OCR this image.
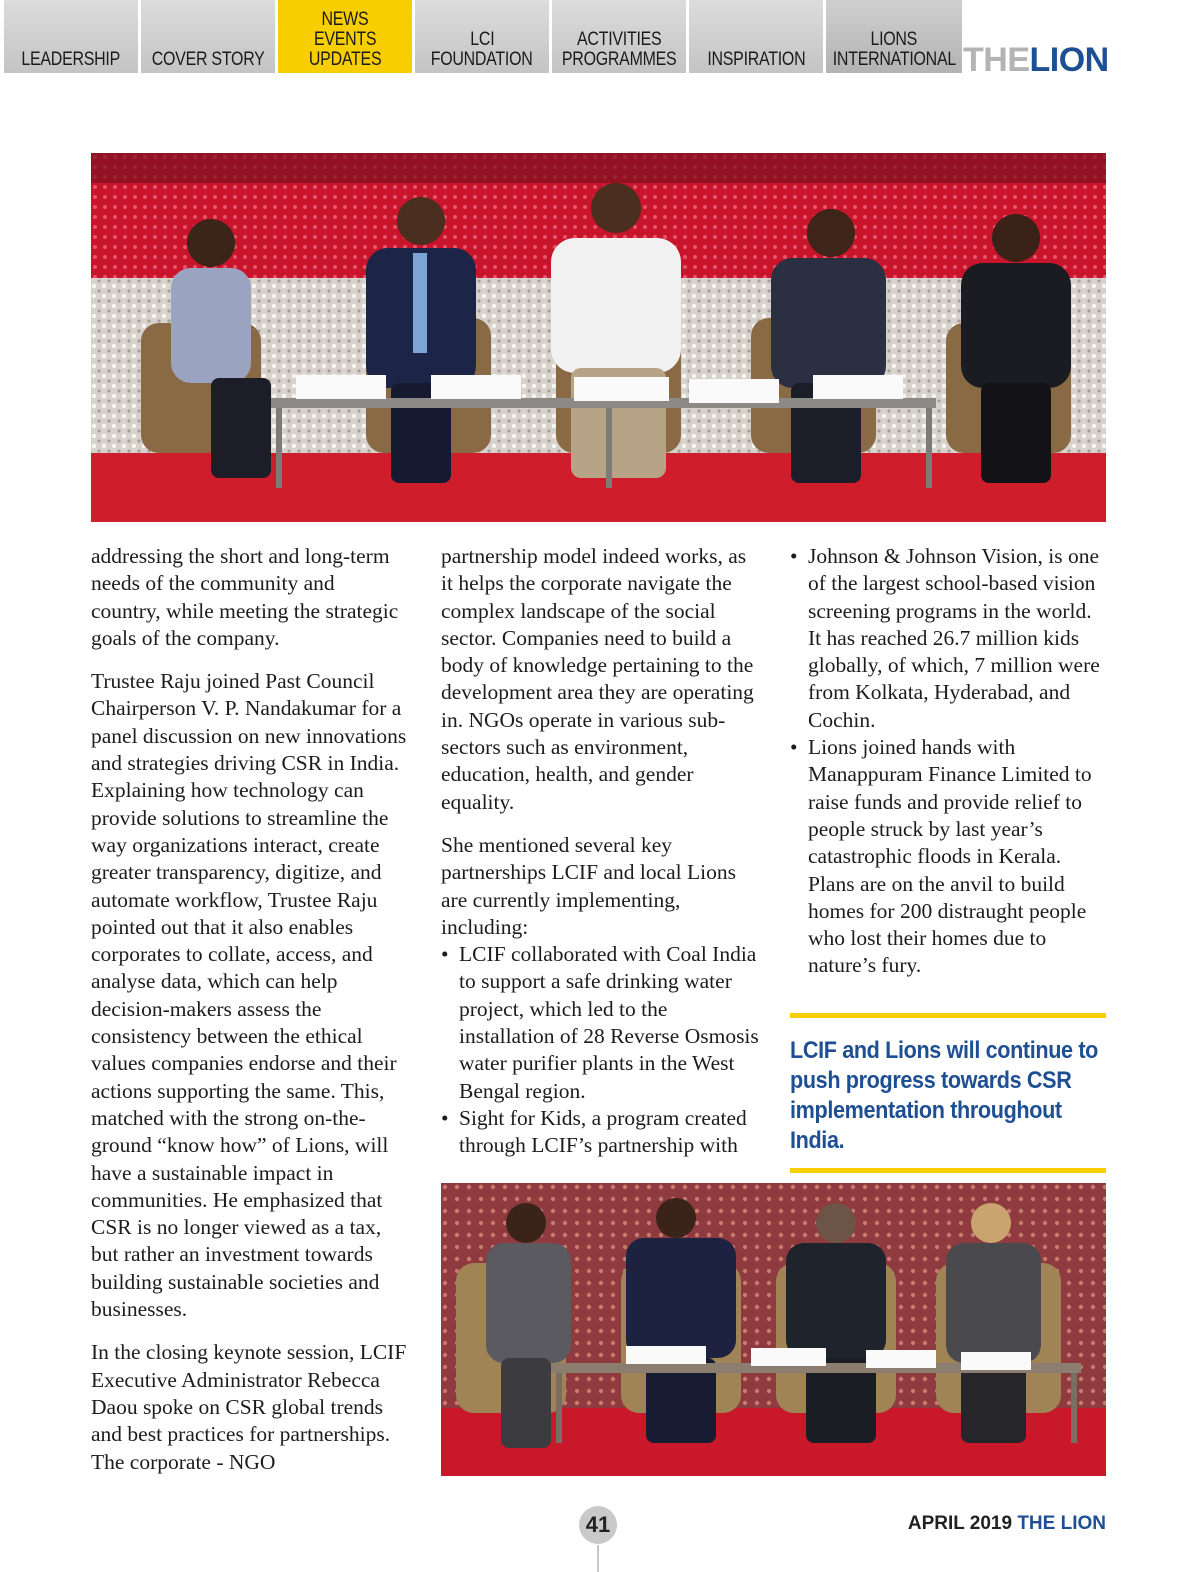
LEADERSHIP COVER STORY
NEWS
EVENTS
UPDATES
LCI
FOUNDATION
ACTIVITIES
PROGRAMMES INSPIRATION
LIONS
INTERNATIONAL THELION

addressing the short and long-term needs of the community and country, while meeting the strategic goals of the company.

Trustee Raju joined Past Council Chairperson V. P. Nandakumar for a panel discussion on new innovations and strategies driving CSR in India. Explaining how technology can provide solutions to streamline the way organizations interact, create greater transparency, digitize, and automate workflow, Trustee Raju pointed out that it also enables corporates to collate, access, and analyse data, which can help decision-makers assess the consistency between the ethical values companies endorse and their actions supporting the same. This, matched with the strong on-the-ground “know how” of Lions, will have a sustainable impact in communities. He emphasized that CSR is no longer viewed as a tax, but rather an investment towards building sustainable societies and businesses.

In the closing keynote session, LCIF Executive Administrator Rebecca Daou spoke on CSR global trends and best practices for partnerships. The corporate - NGO

partnership model indeed works, as it helps the corporate navigate the complex landscape of the social sector. Companies need to build a body of knowledge pertaining to the development area they are operating in. NGOs operate in various sub-sectors such as environment, education, health, and gender equality.

She mentioned several key partnerships LCIF and local Lions are currently implementing, including:

• LCIF collaborated with Coal India to support a safe drinking water project, which led to the installation of 28 Reverse Osmosis water purifier plants in the West Bengal region.
• Sight for Kids, a program created through LCIF’s partnership with
• Johnson & Johnson Vision, is one of the largest school-based vision screening programs in the world. It has reached 26.7 million kids globally, of which, 7 million were from Kolkata, Hyderabad, and Cochin.
• Lions joined hands with Manappuram Finance Limited to raise funds and provide relief to people struck by last year’s catastrophic floods in Kerala. Plans are on the anvil to build homes for 200 distraught people who lost their homes due to nature’s fury.
LCIF and Lions will continue to push progress towards CSR implementation throughout India.
41	APRIL 2019 THE LION
